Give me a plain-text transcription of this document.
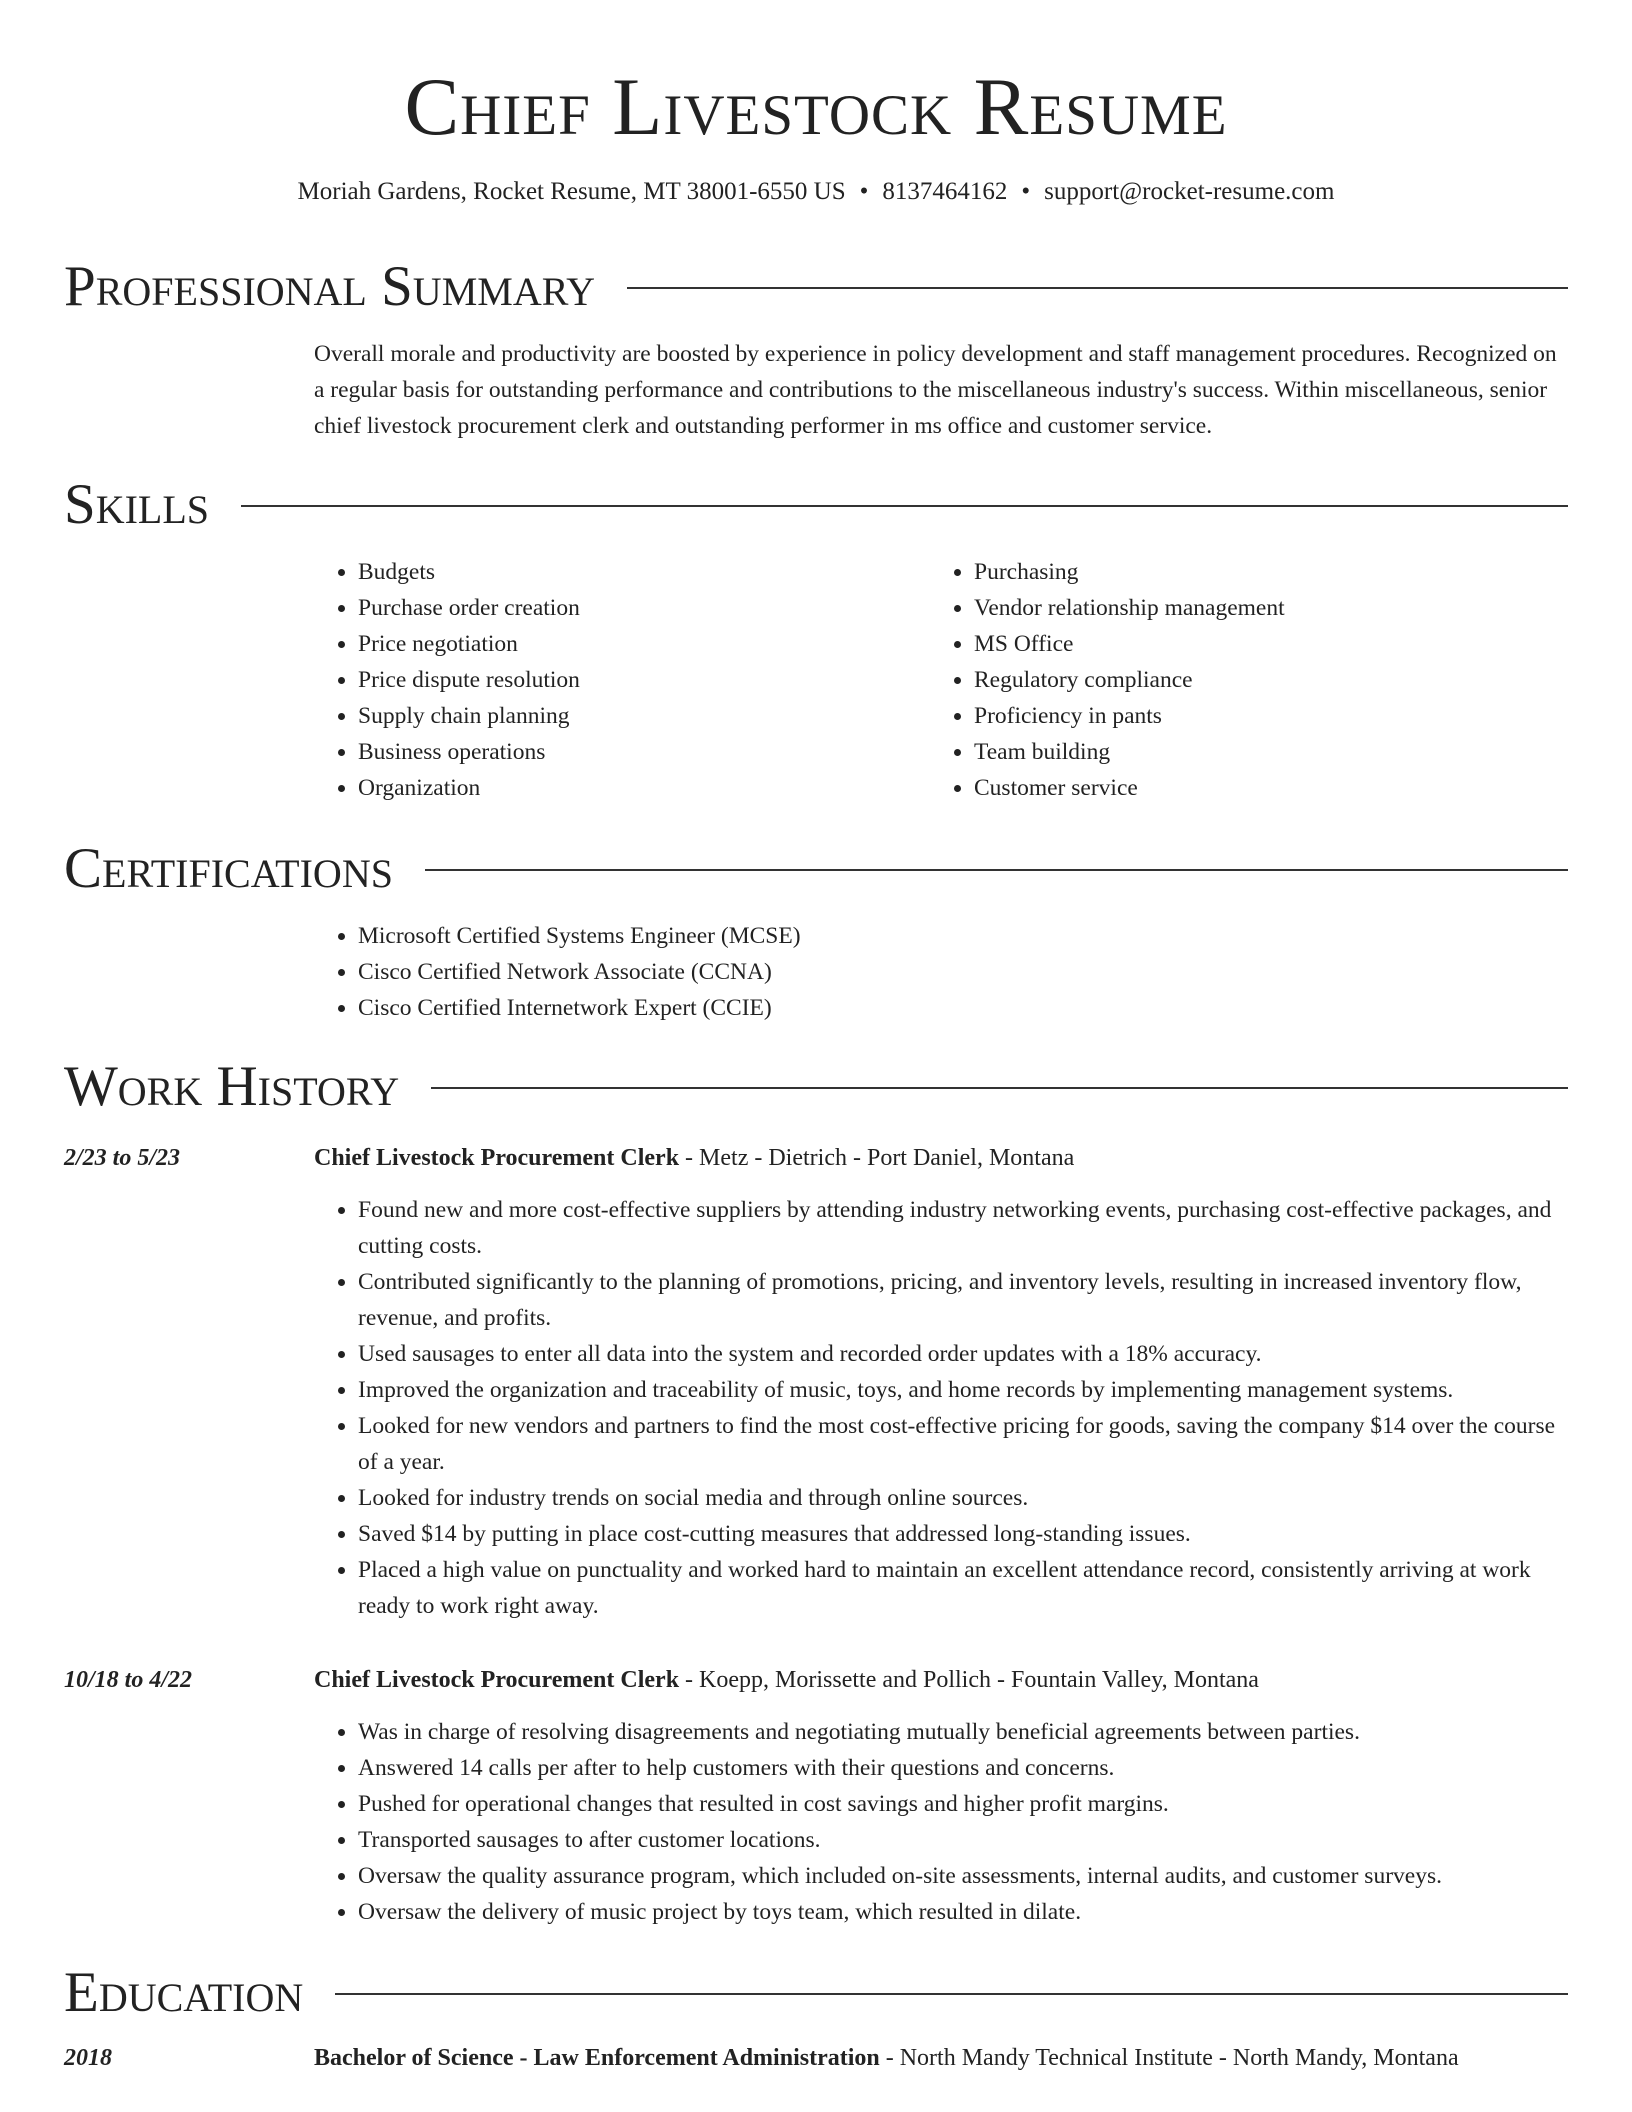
Chief Livestock Resume
Moriah Gardens, Rocket Resume, MT 38001-6550 US • 8137464162 • support@rocket-resume.com
Professional Summary

Overall morale and productivity are boosted by experience in policy development and staff management procedures. Recognized on a regular basis for outstanding performance and contributions to the miscellaneous industry's success. Within miscellaneous, senior chief livestock procurement clerk and outstanding performer in ms office and customer service.

Skills
• Budgets
• Purchase order creation
• Price negotiation
• Price dispute resolution
• Supply chain planning
• Business operations
• Organization
• Purchasing
• Vendor relationship management
• MS Office
• Regulatory compliance
• Proficiency in pants
• Team building
• Customer service
Certifications
• Microsoft Certified Systems Engineer (MCSE)
• Cisco Certified Network Associate (CCNA)
• Cisco Certified Internetwork Expert (CCIE)
Work History
2/23 to 5/23	Chief Livestock Procurement Clerk - Metz - Dietrich - Port Daniel, Montana
• Found new and more cost-effective suppliers by attending industry networking events, purchasing cost-effective packages, and cutting costs.
• Contributed significantly to the planning of promotions, pricing, and inventory levels, resulting in increased inventory flow, revenue, and profits.
• Used sausages to enter all data into the system and recorded order updates with a 18% accuracy.
• Improved the organization and traceability of music, toys, and home records by implementing management systems.
• Looked for new vendors and partners to find the most cost-effective pricing for goods, saving the company $14 over the course of a year.
• Looked for industry trends on social media and through online sources.
• Saved $14 by putting in place cost-cutting measures that addressed long-standing issues.
• Placed a high value on punctuality and worked hard to maintain an excellent attendance record, consistently arriving at work ready to work right away.
10/18 to 4/22	Chief Livestock Procurement Clerk - Koepp, Morissette and Pollich - Fountain Valley, Montana
• Was in charge of resolving disagreements and negotiating mutually beneficial agreements between parties.
• Answered 14 calls per after to help customers with their questions and concerns.
• Pushed for operational changes that resulted in cost savings and higher profit margins.
• Transported sausages to after customer locations.
• Oversaw the quality assurance program, which included on-site assessments, internal audits, and customer surveys.
• Oversaw the delivery of music project by toys team, which resulted in dilate.
Education
2018	Bachelor of Science - Law Enforcement Administration - North Mandy Technical Institute - North Mandy, Montana
